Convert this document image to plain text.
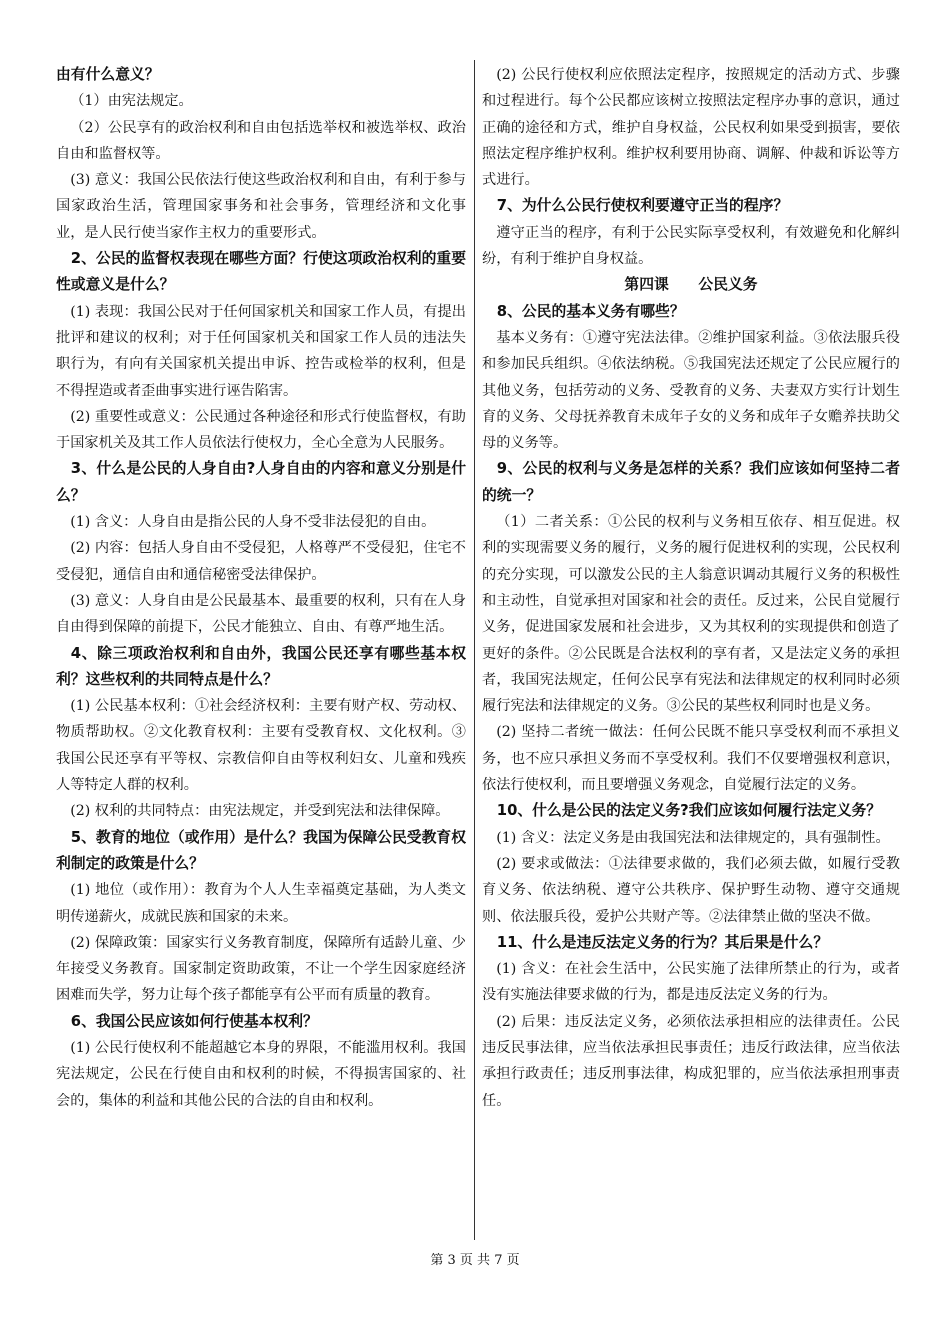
由有什么意义？

（1）由宪法规定。

（2）公民享有的政治权利和自由包括选举权和被选举权、政治自由和监督权等。

(3) 意义：我国公民依法行使这些政治权利和自由，有利于参与国家政治生活，管理国家事务和社会事务，管理经济和文化事业，是人民行使当家作主权力的重要形式。

2、公民的监督权表现在哪些方面？行使这项政治权利的重要性或意义是什么？

(1) 表现：我国公民对于任何国家机关和国家工作人员，有提出批评和建议的权利；对于任何国家机关和国家工作人员的违法失职行为，有向有关国家机关提出申诉、控告或检举的权利，但是不得捏造或者歪曲事实进行诬告陷害。

(2) 重要性或意义：公民通过各种途径和形式行使监督权，有助于国家机关及其工作人员依法行使权力，全心全意为人民服务。

3、什么是公民的人身自由?人身自由的内容和意义分别是什么？

(1) 含义：人身自由是指公民的人身不受非法侵犯的自由。

(2) 内容：包括人身自由不受侵犯，人格尊严不受侵犯，住宅不受侵犯，通信自由和通信秘密受法律保护。

(3) 意义：人身自由是公民最基本、最重要的权利，只有在人身自由得到保障的前提下，公民才能独立、自由、有尊严地生活。

4、除三项政治权利和自由外，我国公民还享有哪些基本权利？这些权利的共同特点是什么？

(1) 公民基本权利：①社会经济权利：主要有财产权、劳动权、物质帮助权。②文化教育权利：主要有受教育权、文化权利。③我国公民还享有平等权、宗教信仰自由等权利妇女、儿童和残疾人等特定人群的权利。

(2) 权利的共同特点：由宪法规定，并受到宪法和法律保障。

5、教育的地位（或作用）是什么？我国为保障公民受教育权利制定的政策是什么？

(1) 地位（或作用）：教育为个人人生幸福奠定基础，为人类文明传递薪火，成就民族和国家的未来。

(2) 保障政策：国家实行义务教育制度，保障所有适龄儿童、少年接受义务教育。国家制定资助政策，不让一个学生因家庭经济困难而失学，努力让每个孩子都能享有公平而有质量的教育。

6、我国公民应该如何行使基本权利？

(1) 公民行使权利不能超越它本身的界限，不能滥用权利。我国宪法规定，公民在行使自由和权利的时候，不得损害国家的、社会的，集体的利益和其他公民的合法的自由和权利。

(2) 公民行使权利应依照法定程序，按照规定的活动方式、步骤和过程进行。每个公民都应该树立按照法定程序办事的意识，通过正确的途径和方式，维护自身权益，公民权利如果受到损害，要依照法定程序维护权利。维护权利要用协商、调解、仲裁和诉讼等方式进行。

7、为什么公民行使权利要遵守正当的程序？

遵守正当的程序，有利于公民实际享受权利，有效避免和化解纠纷，有利于维护自身权益。

第四课　　公民义务

8、公民的基本义务有哪些？

基本义务有：①遵守宪法法律。②维护国家利益。③依法服兵役和参加民兵组织。④依法纳税。⑤我国宪法还规定了公民应履行的其他义务，包括劳动的义务、受教育的义务、夫妻双方实行计划生育的义务、父母抚养教育未成年子女的义务和成年子女赡养扶助父母的义务等。

9、公民的权利与义务是怎样的关系？我们应该如何坚持二者的统一？

（1）二者关系：①公民的权利与义务相互依存、相互促进。权利的实现需要义务的履行，义务的履行促进权利的实现，公民权利的充分实现，可以激发公民的主人翁意识调动其履行义务的积极性和主动性，自觉承担对国家和社会的责任。反过来，公民自觉履行义务，促进国家发展和社会进步，又为其权利的实现提供和创造了更好的条件。②公民既是合法权利的享有者，又是法定义务的承担者，我国宪法规定，任何公民享有宪法和法律规定的权利同时必须履行宪法和法律规定的义务。③公民的某些权利同时也是义务。

(2) 坚持二者统一做法：任何公民既不能只享受权利而不承担义务，也不应只承担义务而不享受权利。我们不仅要增强权利意识，依法行使权利，而且要增强义务观念，自觉履行法定的义务。

10、什么是公民的法定义务?我们应该如何履行法定义务？

(1) 含义：法定义务是由我国宪法和法律规定的，具有强制性。

(2) 要求或做法：①法律要求做的，我们必须去做，如履行受教育义务、依法纳税、遵守公共秩序、保护野生动物、遵守交通规则、依法服兵役，爱护公共财产等。②法律禁止做的坚决不做。

11、什么是违反法定义务的行为？其后果是什么？

(1) 含义：在社会生活中，公民实施了法律所禁止的行为，或者没有实施法律要求做的行为，都是违反法定义务的行为。

(2) 后果：违反法定义务，必须依法承担相应的法律责任。公民违反民事法律，应当依法承担民事责任；违反行政法律，应当依法承担行政责任；违反刑事法律，构成犯罪的，应当依法承担刑事责任。

第 3 页 共 7 页
